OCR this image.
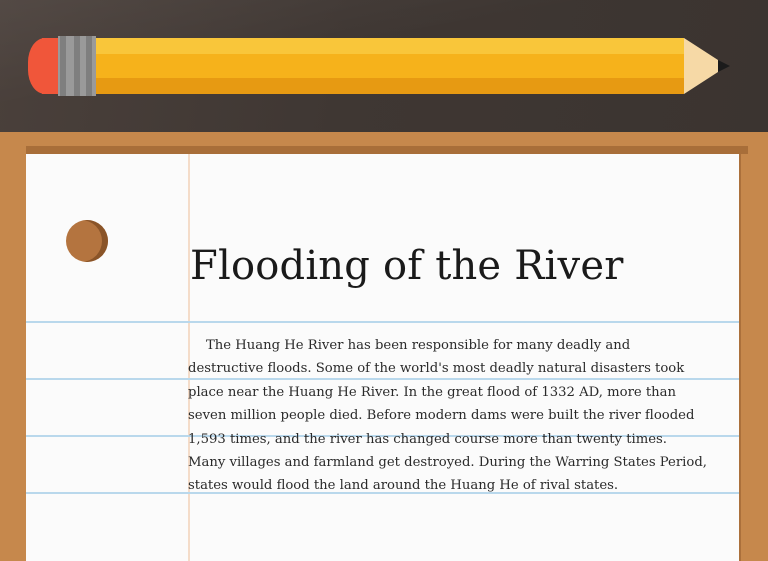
Flooding of the River

The Huang He River has been responsible for many deadly and destructive floods. Some of the world's most deadly natural disasters took place near the Huang He River. In the great flood of 1332 AD, more than seven million people died. Before modern dams were built the river flooded 1,593 times, and the river has changed course more than twenty times. Many villages and farmland get destroyed. During the Warring States Period, states would flood the land around the Huang He of rival states.
